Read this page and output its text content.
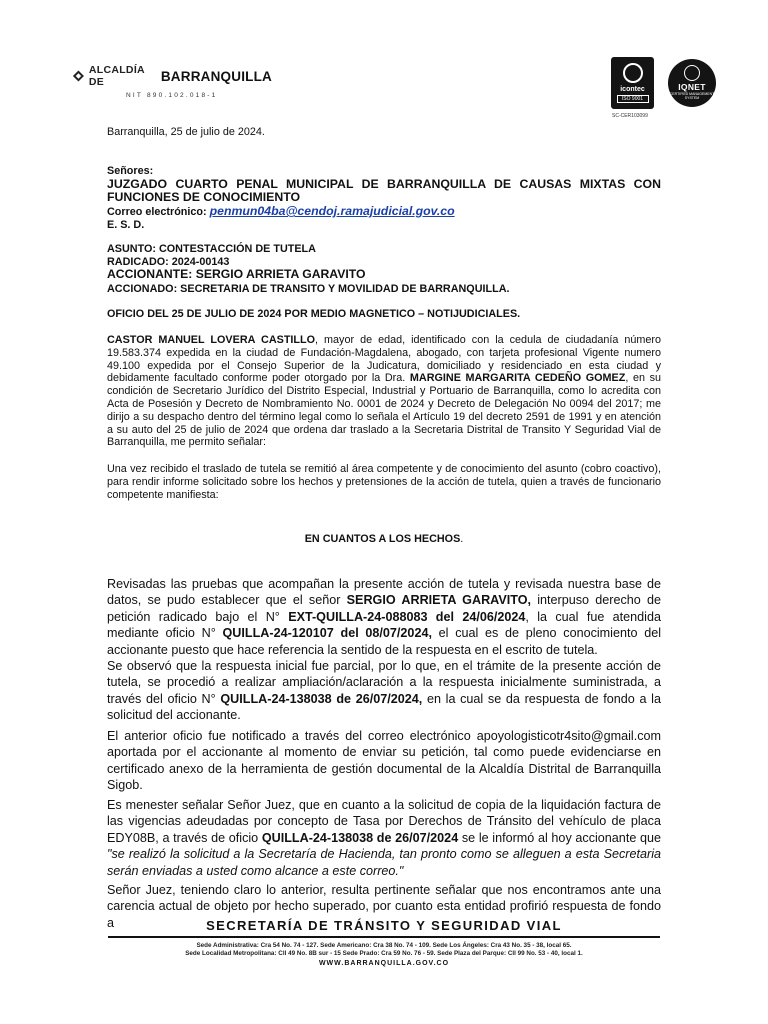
ALCALDÍA DE	BARRANQUILLA
NIT 890.102.018-1
icontec
ISO 9001
IQNET
CERTIFIED MANAGEMENT SYSTEM
SC-CER103099
Barranquilla, 25 de julio de 2024.
Señores:
JUZGADO CUARTO PENAL MUNICIPAL DE BARRANQUILLA DE CAUSAS MIXTAS CON FUNCIONES DE CONOCIMIENTO
Correo electrónico: penmun04ba@cendoj.ramajudicial.gov.co
E. S. D.
ASUNTO: CONTESTACCIÓN DE TUTELA
RADICADO: 2024-00143
ACCIONANTE: SERGIO ARRIETA GARAVITO
ACCIONADO: SECRETARIA DE TRANSITO Y MOVILIDAD DE BARRANQUILLA.
OFICIO DEL 25 DE JULIO DE 2024 POR MEDIO MAGNETICO – NOTIJUDICIALES.
CASTOR MANUEL LOVERA CASTILLO, mayor de edad, identificado con la cedula de ciudadanía número 19.583.374 expedida en la ciudad de Fundación-Magdalena, abogado, con tarjeta profesional Vigente numero 49.100 expedida por el Consejo Superior de la Judicatura, domiciliado y residenciado en esta ciudad y debidamente facultado conforme poder otorgado por la Dra. MARGINE MARGARITA CEDEÑO GOMEZ, en su condición de Secretario Jurídico del Distrito Especial, Industrial y Portuario de Barranquilla, como lo acredita con Acta de Posesión y Decreto de Nombramiento No. 0001 de 2024 y Decreto de Delegación No 0094 del 2017; me dirijo a su despacho dentro del término legal como lo señala el Artículo 19 del decreto 2591 de 1991 y en atención a su auto del 25 de julio de 2024 que ordena dar traslado a la Secretaria Distrital de Transito Y Seguridad Vial de Barranquilla, me permito señalar:
Una vez recibido el traslado de tutela se remitió al área competente y de conocimiento del asunto (cobro coactivo), para rendir informe solicitado sobre los hechos y pretensiones de la acción de tutela, quien a través de funcionario competente manifiesta:
EN CUANTOS A LOS HECHOS.
Revisadas las pruebas que acompañan la presente acción de tutela y revisada nuestra base de datos, se pudo establecer que el señor SERGIO ARRIETA GARAVITO, interpuso derecho de petición radicado bajo el N° EXT-QUILLA-24-088083 del 24/06/2024, la cual fue atendida mediante oficio N° QUILLA-24-120107 del 08/07/2024, el cual es de pleno conocimiento del accionante puesto que hace referencia la sentido de la respuesta en el escrito de tutela.
Se observó que la respuesta inicial fue parcial, por lo que, en el trámite de la presente acción de tutela, se procedió a realizar ampliación/aclaración a la respuesta inicialmente suministrada, a través del oficio N° QUILLA-24-138038 de 26/07/2024, en la cual se da respuesta de fondo a la solicitud del accionante.
El anterior oficio fue notificado a través del correo electrónico apoyologisticotr4sito@gmail.com aportada por el accionante al momento de enviar su petición, tal como puede evidenciarse en certificado anexo de la herramienta de gestión documental de la Alcaldía Distrital de Barranquilla Sigob.
Es menester señalar Señor Juez, que en cuanto a la solicitud de copia de la liquidación factura de las vigencias adeudadas por concepto de Tasa por Derechos de Tránsito del vehículo de placa EDY08B, a través de oficio QUILLA-24-138038 de 26/07/2024 se le informó al hoy accionante que "se realizó la solicitud a la Secretaría de Hacienda, tan pronto como se alleguen a esta Secretaria serán enviadas a usted como alcance a este correo."
Señor Juez, teniendo claro lo anterior, resulta pertinente señalar que nos encontramos ante una carencia actual de objeto por hecho superado, por cuanto esta entidad profirió respuesta de fondo a	SECRETARÍA DE TRÁNSITO Y SEGURIDAD VIAL
Sede Administrativa: Cra 54 No. 74 - 127. Sede Americano: Cra 38 No. 74 - 109. Sede Los Ángeles: Cra 43 No. 35 - 38, local 65.
Sede Localidad Metropolitana: Cll 49 No. 8B sur - 15 Sede Prado: Cra 59 No. 76 - 59. Sede Plaza del Parque: Cll 99 No. 53 - 40, local 1.
WWW.BARRANQUILLA.GOV.CO
